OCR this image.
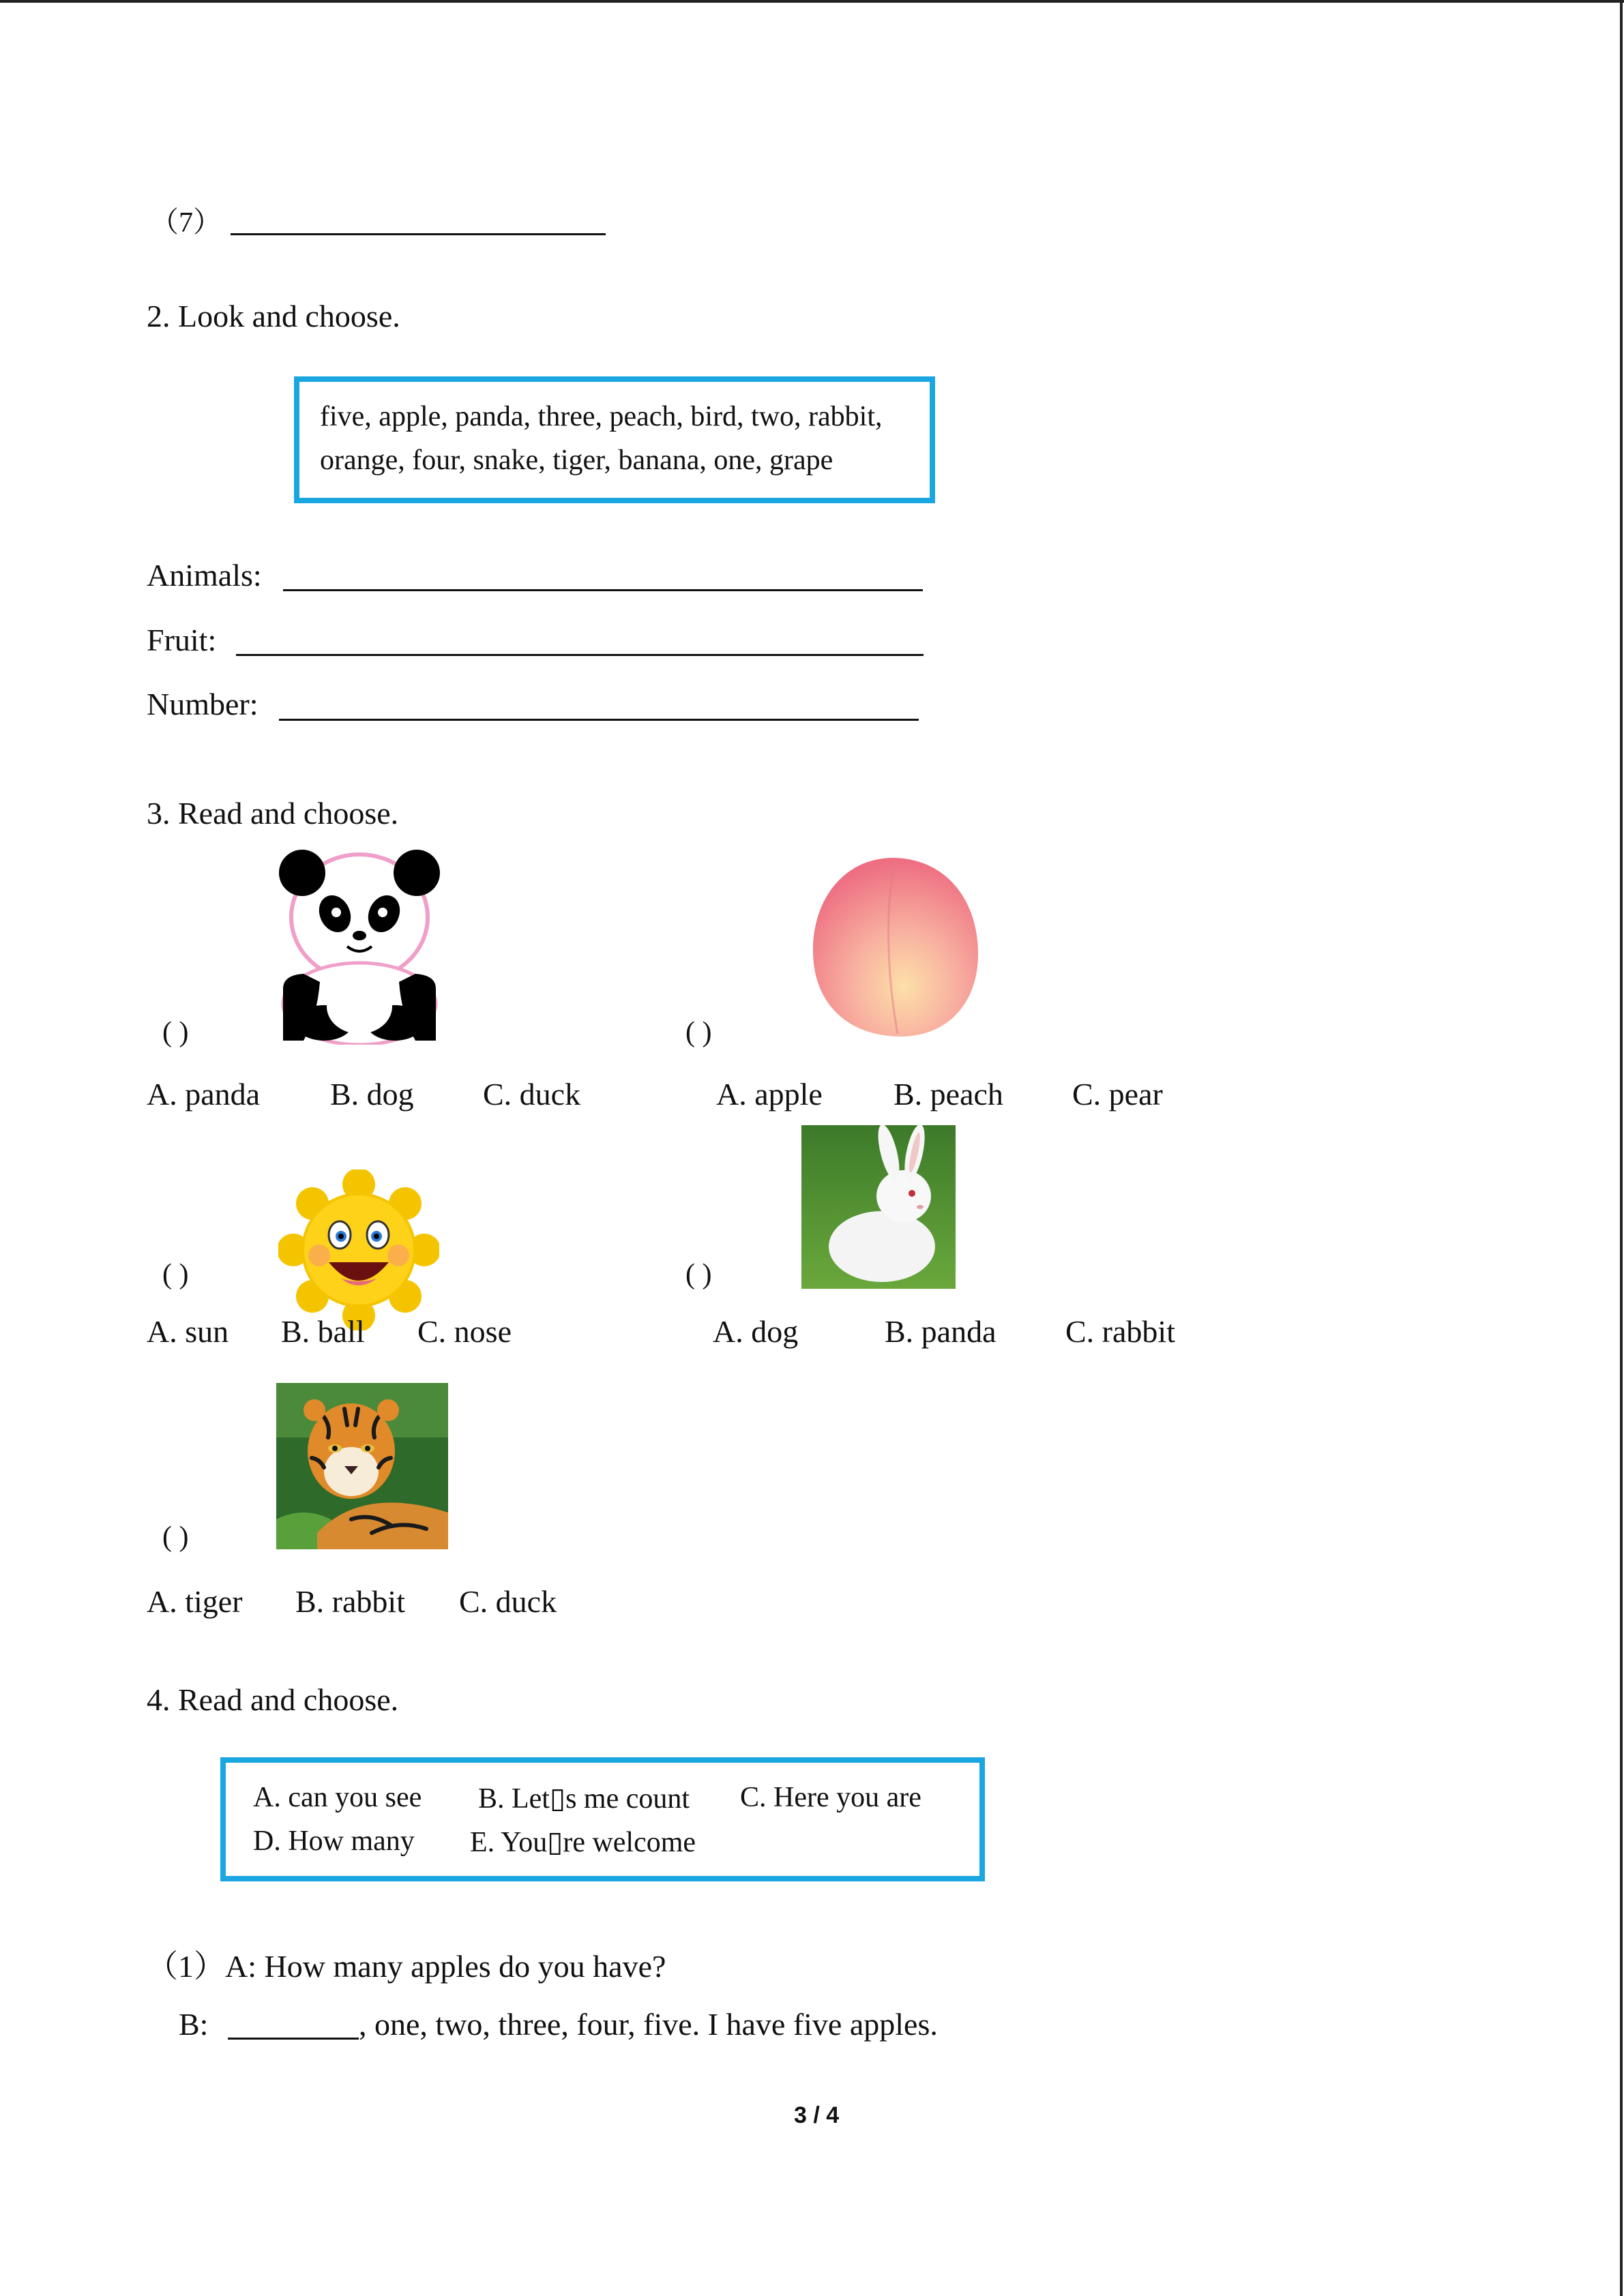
（7）
2. Look and choose.
five, apple, panda, three, peach, bird, two, rabbit,
orange, four, snake, tiger, banana, one, grape
Animals:
Fruit:
Number:
3. Read and choose.
( )
A. panda B. dog C. duck
( )
A. apple B. peach C. pear
( )
A. sun B. ball C. nose
( )
A. dog	B. panda C. rabbit
( )
A. tiger B. rabbit C. duck
4. Read and choose.
A. can you see B. Let▯s me count C. Here you are
D. How many E. You▯re welcome
（1）A: How many apples do you have?
B:	, one, two, three, four, five. I have five apples.
3 / 4
